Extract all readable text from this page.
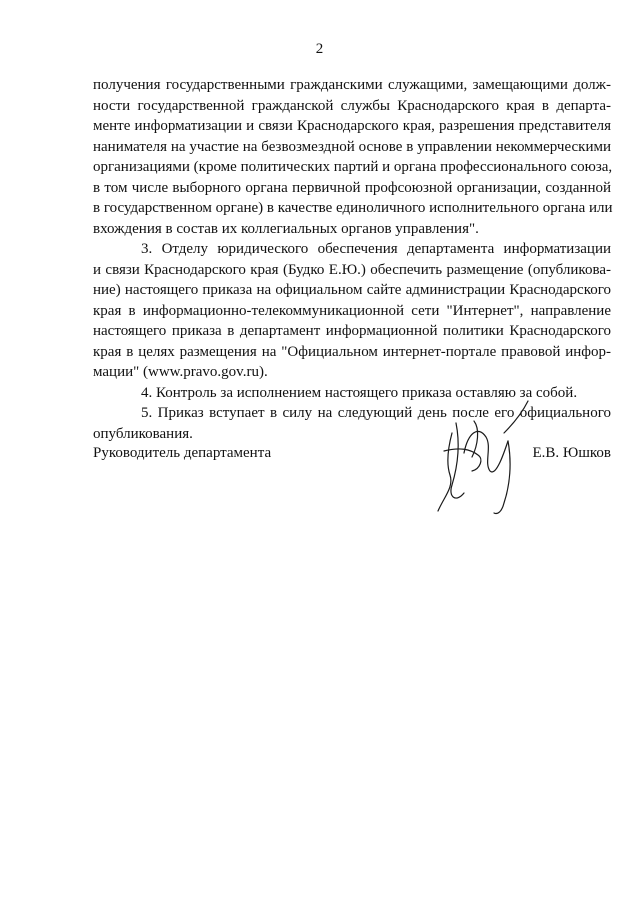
2
получения государственными гражданскими служащими, замещающими долж-
ности государственной гражданской службы Краснодарского края в департа-
менте информатизации и связи Краснодарского края, разрешения представителя
нанимателя на участие на безвозмездной основе в управлении некоммерческими
организациями (кроме политических партий и органа профессионального союза,
в том числе выборного органа первичной профсоюзной организации, созданной
в государственном органе) в качестве единоличного исполнительного органа или
вхождения в состав их коллегиальных органов управления".
3. Отделу юридического обеспечения департамента информатизации
и связи Краснодарского края (Будко Е.Ю.) обеспечить размещение (опубликова-
ние) настоящего приказа на официальном сайте администрации Краснодарского
края в информационно-телекоммуникационной сети "Интернет", направление
настоящего приказа в департамент информационной политики Краснодарского
края в целях размещения на "Официальном интернет-портале правовой инфор-
мации" (www.pravo.gov.ru).
4. Контроль за исполнением настоящего приказа оставляю за собой.
5. Приказ вступает в силу на следующий день после его официального
опубликования.
Руководитель департамента	Е.В. Юшков
